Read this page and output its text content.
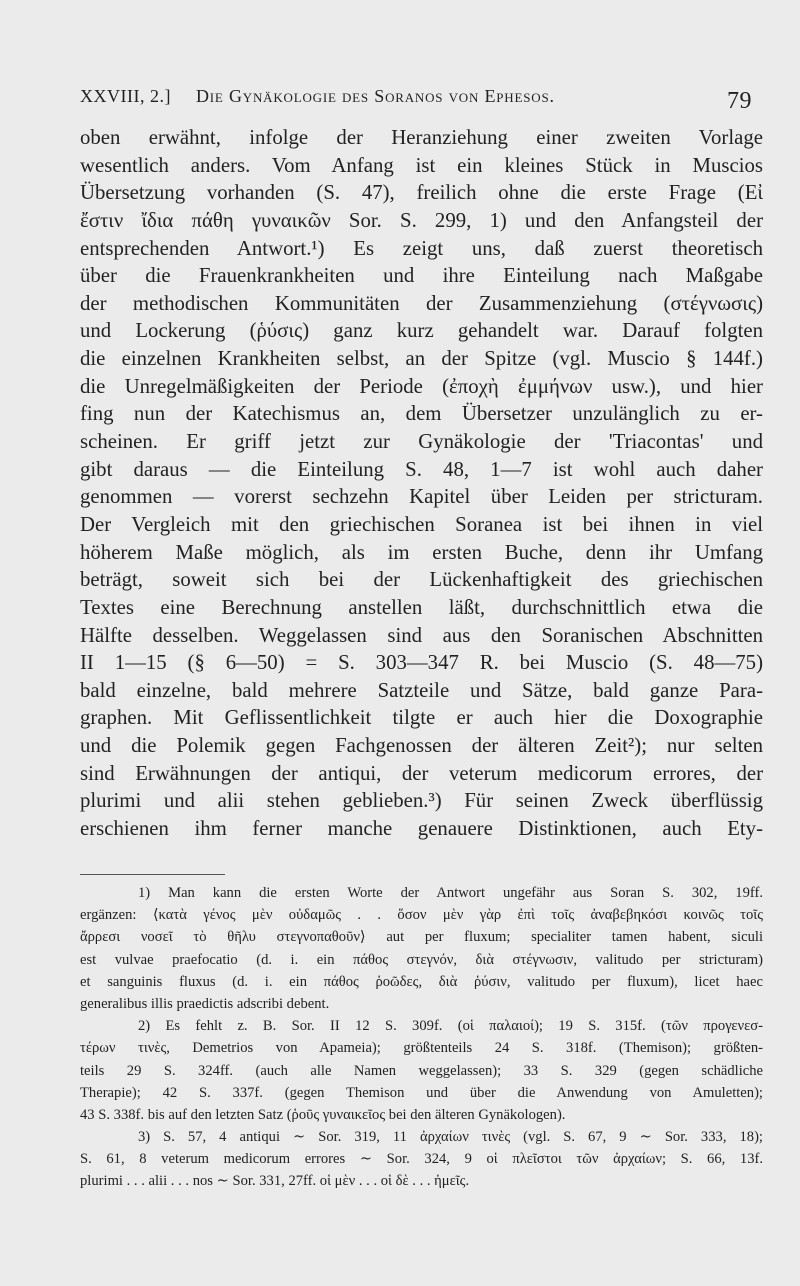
XXVIII, 2.] Die Gynäkologie des Soranos von Ephesos.	79
oben erwähnt, infolge der Heranziehung einer zweiten Vorlage
wesentlich anders. Vom Anfang ist ein kleines Stück in Muscios
Übersetzung vorhanden (S. 47), freilich ohne die erste Frage (Εἰ
ἔστιν ἴδια πάθη γυναικῶν Sor. S. 299, 1) und den Anfangsteil der
entsprechenden Antwort.¹) Es zeigt uns, daß zuerst theoretisch
über die Frauenkrankheiten und ihre Einteilung nach Maßgabe
der methodischen Kommunitäten der Zusammenziehung (στέγνωσις)
und Lockerung (ῥύσις) ganz kurz gehandelt war. Darauf folgten
die einzelnen Krankheiten selbst, an der Spitze (vgl. Muscio § 144f.)
die Unregelmäßigkeiten der Periode (ἐποχὴ ἐμμήνων usw.), und hier
fing nun der Katechismus an, dem Übersetzer unzulänglich zu er-
scheinen. Er griff jetzt zur Gynäkologie der 'Triacontas' und
gibt daraus — die Einteilung S. 48, 1—7 ist wohl auch daher
genommen — vorerst sechzehn Kapitel über Leiden per stricturam.
Der Vergleich mit den griechischen Soranea ist bei ihnen in viel
höherem Maße möglich, als im ersten Buche, denn ihr Umfang
beträgt, soweit sich bei der Lückenhaftigkeit des griechischen
Textes eine Berechnung anstellen läßt, durchschnittlich etwa die
Hälfte desselben. Weggelassen sind aus den Soranischen Abschnitten
II 1—15 (§ 6—50) = S. 303—347 R. bei Muscio (S. 48—75)
bald einzelne, bald mehrere Satzteile und Sätze, bald ganze Para-
graphen. Mit Geflissentlichkeit tilgte er auch hier die Doxographie
und die Polemik gegen Fachgenossen der älteren Zeit²); nur selten
sind Erwähnungen der antiqui, der veterum medicorum errores, der
plurimi und alii stehen geblieben.³) Für seinen Zweck überflüssig
erschienen ihm ferner manche genauere Distinktionen, auch Ety-
1) Man kann die ersten Worte der Antwort ungefähr aus Soran S. 302, 19ff.
ergänzen: ⟨κατὰ γένος μὲν οὐδαμῶς . . ὅσον μὲν γὰρ ἐπὶ τοῖς ἀναβεβηκόσι κοινῶς τοῖς
ἄρρεσι νοσεῖ τὸ θῆλυ στεγνοπαθοῦν⟩ aut per fluxum; specialiter tamen habent, siculi
est vulvae praefocatio (d. i. ein πάθος στεγνόν, διὰ στέγνωσιν, valitudo per stricturam)
et sanguinis fluxus (d. i. ein πάθος ῥοῶδες, διὰ ῥύσιν, valitudo per fluxum), licet haec
generalibus illis praedictis adscribi debent.
2) Es fehlt z. B. Sor. II 12 S. 309f. (οἱ παλαιοί); 19 S. 315f. (τῶν προγενεσ-
τέρων τινὲς, Demetrios von Apameia); größtenteils 24 S. 318f. (Themison); größten-
teils 29 S. 324ff. (auch alle Namen weggelassen); 33 S. 329 (gegen schädliche
Therapie); 42 S. 337f. (gegen Themison und über die Anwendung von Amuletten);
43 S. 338f. bis auf den letzten Satz (ῥοῦς γυναικεῖος bei den älteren Gynäkologen).
3) S. 57, 4 antiqui ∼ Sor. 319, 11 ἀρχαίων τινὲς (vgl. S. 67, 9 ∼ Sor. 333, 18);
S. 61, 8 veterum medicorum errores ∼ Sor. 324, 9 οἱ πλεῖστοι τῶν ἀρχαίων; S. 66, 13f.
plurimi . . . alii . . . nos ∼ Sor. 331, 27ff. οἱ μὲν . . . οἱ δὲ . . . ἡμεῖς.
